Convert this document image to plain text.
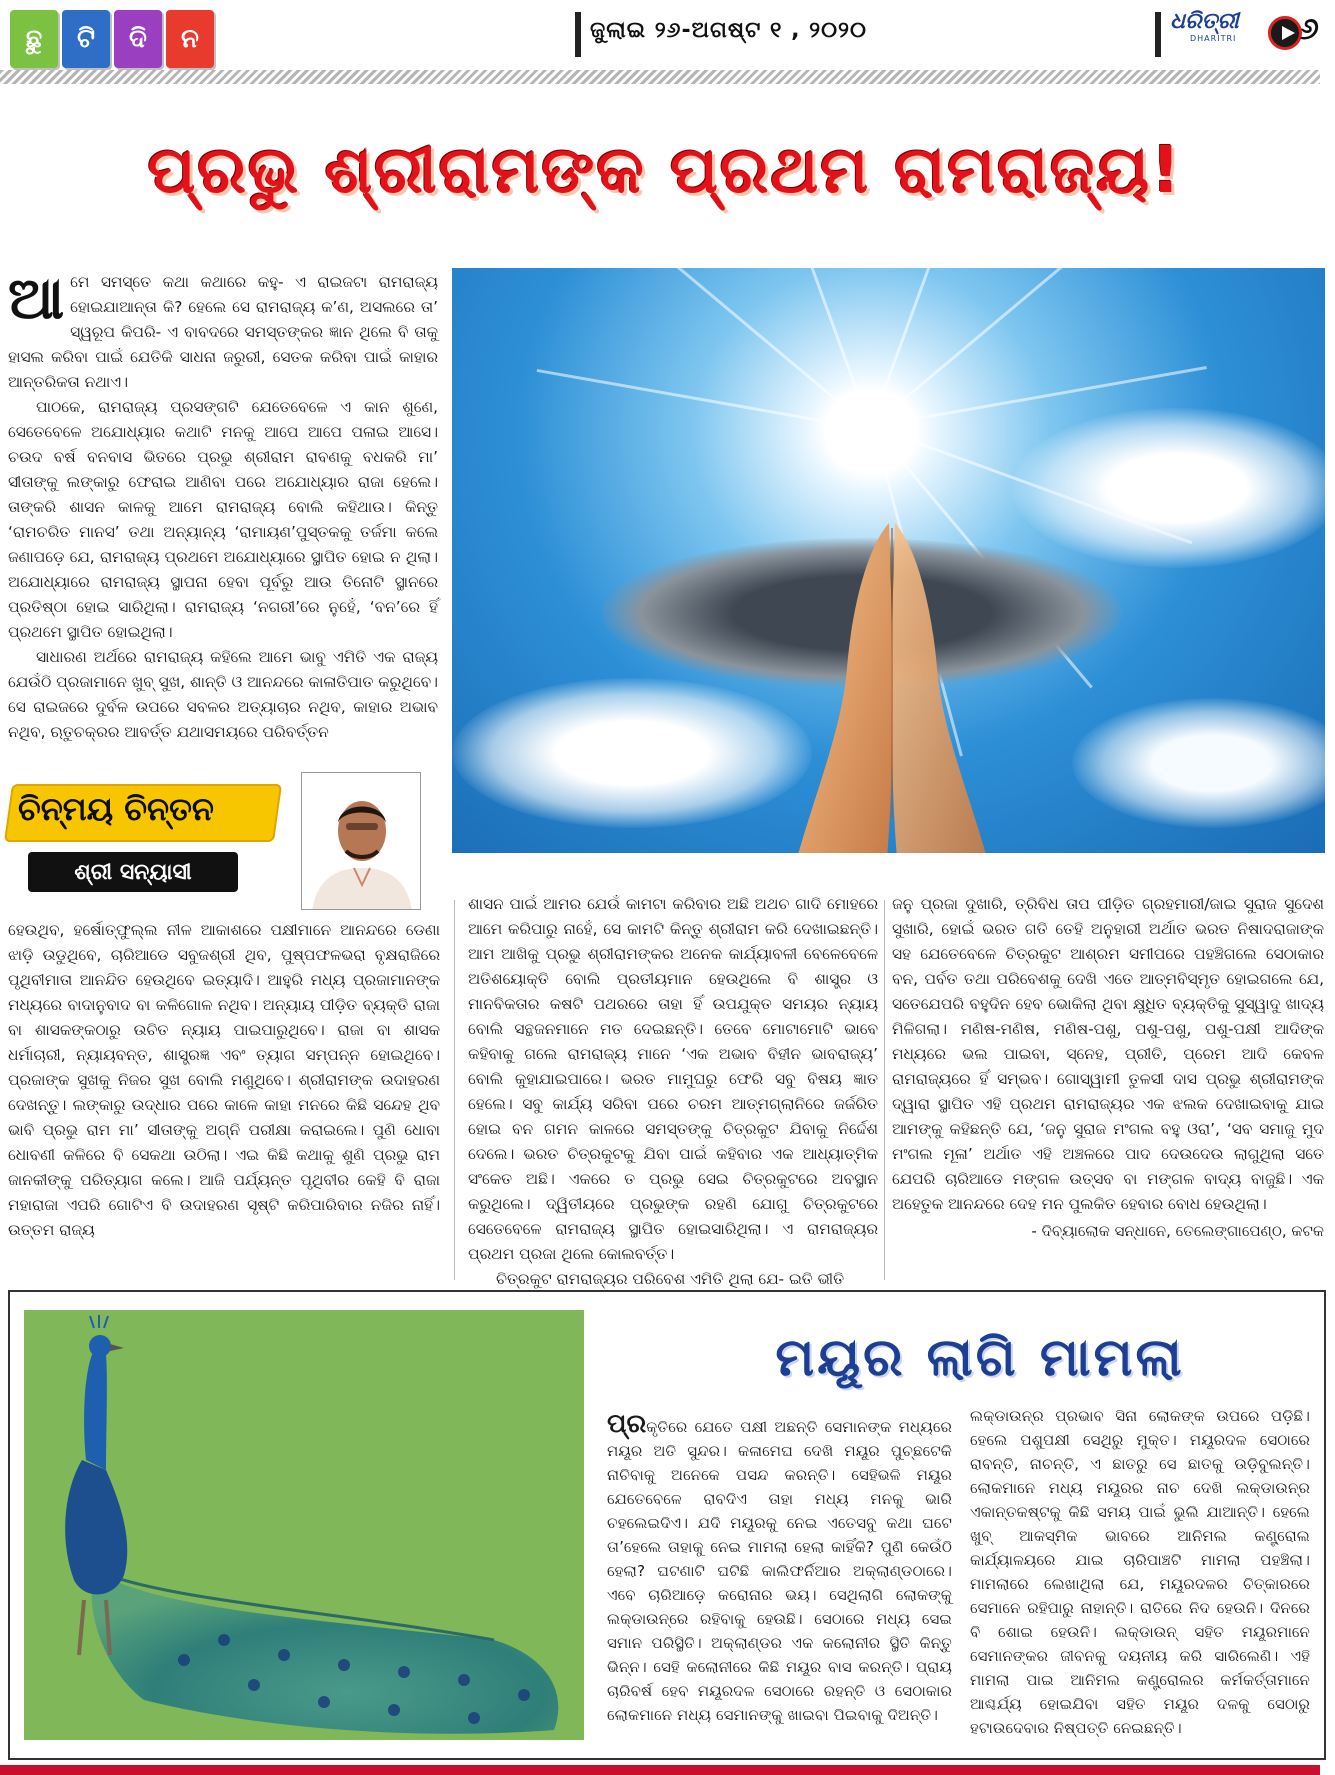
ଛୁ	ଟି	ଦି	ନ	ଜୁଲାଇ ୨୬-ଅଗଷ୍ଟ ୧ , ୨୦୨୦	ଧରିତ୍ରୀ
DHARITRI	୬
ପ୍ରଭୁ ଶ୍ରୀରାମଙ୍କ ପ୍ରଥମ ରାମରାଜ୍ୟ!

ଆମେ ସମସ୍ତେ କଥା କଥାରେ କହୁ- ଏ ରାଇଜଟା ରାମରାଜ୍ୟ ହୋଇଯାଆନ୍ତା କି? ହେଲେ ସେ ରାମରାଜ୍ୟ କ’ଣ, ଅସଲରେ ତା’ ସ୍ୱରୂପ କିପରି- ଏ ବାବଦରେ ସମସ୍ତଙ୍କର ଜ୍ଞାନ ଥିଲେ ବି ତାକୁ ହାସଲ କରିବା ପାଇଁ ଯେତିକି ସାଧନା ଜରୁରୀ, ସେତକ କରିବା ପାଇଁ କାହାର ଆନ୍ତରିକତା ନଥାଏ।

ପାଠକେ, ରାମରାଜ୍ୟ ପ୍ରସଙ୍ଗଟି ଯେତେବେଳେ ଏ କାନ ଶୁଣେ, ସେତେବେଳେ ଅଯୋଧ୍ୟାର କଥାଟି ମନକୁ ଆପେ ଆପେ ପଳାଇ ଆସେ। ଚଉଦ ବର୍ଷ ବନବାସ ଭିତରେ ପ୍ରଭୁ ଶ୍ରୀରାମ ରାବଣକୁ ବଧକରି ମା’ ସୀତାଙ୍କୁ ଲଙ୍କାରୁ ଫେରାଇ ଆଣିବା ପରେ ଅଯୋଧ୍ୟାର ରାଜା ହେଲେ। ତାଙ୍କରି ଶାସନ କାଳକୁ ଆମେ ରାମରାଜ୍ୟ ବୋଲି କହିଥାଉ। କିନ୍ତୁ ‘ରାମଚରିତ ମାନସ’ ତଥା ଅନ୍ୟାନ୍ୟ ‘ରାମାୟଣ’ପୁସ୍ତକକୁ ତର୍ଜମା କଲେ ଜଣାପଡ଼େ ଯେ, ରାମରାଜ୍ୟ ପ୍ରଥମେ ଅଯୋଧ୍ୟାରେ ସ୍ଥାପିତ ହୋଇ ନ ଥିଲା। ଅଯୋଧ୍ୟାରେ ରାମରାଜ୍ୟ ସ୍ଥାପନା ହେବା ପୂର୍ବରୁ ଆଉ ତିନୋଟି ସ୍ଥାନରେ ପ୍ରତିଷ୍ଠା ହୋଇ ସାରିଥିଲା। ରାମରାଜ୍ୟ ‘ନଗରୀ’ରେ ନୁହେଁ, ‘ବନ’ରେ ହିଁ ପ୍ରଥମେ ସ୍ଥାପିତ ହୋଇଥିଲା।

ସାଧାରଣ ଅର୍ଥରେ ରାମରାଜ୍ୟ କହିଲେ ଆମେ ଭାବୁ ଏମିତି ଏକ ରାଜ୍ୟ ଯେଉଁଠି ପ୍ରଜାମାନେ ଖୁବ୍ ସୁଖ, ଶାନ୍ତି ଓ ଆନନ୍ଦରେ କାଳାତିପାତ କରୁଥିବେ। ସେ ରାଇଜରେ ଦୁର୍ବଳ ଉପରେ ସବଳର ଅତ୍ୟାଚାର ନଥିବ, କାହାର ଅଭାବ ନଥିବ, ଋତୁଚକ୍ରର ଆବର୍ତ୍ତ ଯଥାସମୟରେ ପରିବର୍ତ୍ତନ

ଚିନ୍ମୟ ଚିନ୍ତନ
ଶ୍ରୀ ସନ୍ୟାସୀ
ହେଉଥିବ, ହର୍ଷୋତ୍ଫୁଲ୍ଲ ନୀଳ ଆକାଶରେ ପକ୍ଷୀମାନେ ଆନନ୍ଦରେ ଡେଣା ଝାଡ଼ି ଉଡୁଥିବେ, ଚାରିଆଡେ ସବୁଜଶ୍ରୀ ଥିବ, ପୁଷ୍ପଫଳଭରା ବୃକ୍ଷରାଜିରେ ପୃଥିବୀମାତା ଆନନ୍ଦିତ ହେଉଥିବେ ଇତ୍ୟାଦି। ଆହୁରି ମଧ୍ୟ ପ୍ରଜାମାନଙ୍କ ମଧ୍ୟରେ ବାଦାନୁବାଦ ବା କଳିଗୋଳ ନଥିବ। ଅନ୍ୟାୟ ପୀଡ଼ିତ ବ୍ୟକ୍ତି ରାଜା ବା ଶାସକଙ୍କଠାରୁ ଉଚିତ ନ୍ୟାୟ ପାଇପାରୁଥିବେ। ରାଜା ବା ଶାସକ ଧର୍ମାଚାରୀ, ନ୍ୟାୟବନ୍ତ, ଶାସ୍ତ୍ରଜ୍ଞ ଏବଂ ତ୍ୟାଗ ସମ୍ପନ୍ନ ହୋଇଥିବେ। ପ୍ରଜାଙ୍କ ସୁଖକୁ ନିଜର ସୁଖ ବୋଲି ମଣୁଥିବେ। ଶ୍ରୀରାମଙ୍କ ଉଦାହରଣ ଦେଖନ୍ତୁ। ଲଙ୍କାରୁ ଉଦ୍ଧାର ପରେ କାଳେ କାହା ମନରେ କିଛି ସନ୍ଦେହ ଥିବ ଭାବି ପ୍ରଭୁ ରାମ ମା’ ସୀତାଙ୍କୁ ଅଗ୍ନି ପରୀକ୍ଷା କରାଇଲେ। ପୁଣି ଧୋବା ଧୋବଣୀ କଳିରେ ବି ସେକଥା ଉଠିଲା। ଏଇ କିଛି କଥାକୁ ଶୁଣି ପ୍ରଭୁ ରାମ ଜାନକୀଙ୍କୁ ପରିତ୍ୟାଗ କଲେ। ଆଜି ପର୍ଯ୍ୟନ୍ତ ପୃଥିବୀର କେହି ବି ରାଜା ମହାରାଜା ଏପରି ଗୋଟିଏ ବି ଉଦାହରଣ ସୃଷ୍ଟି କରିପାରିବାର ନଜିର ନାହିଁ। ଉତ୍ତମ ରାଜ୍ୟ

ଶାସନ ପାଇଁ ଆମର ଯେଉଁ କାମଟା କରିବାର ଅଛି ଅଥଚ ଗାଦି ମୋହରେ ଆମେ କରିପାରୁ ନାହେଁ, ସେ କାମଟି କିନ୍ତୁ ଶ୍ରୀରାମ କରି ଦେଖାଇଛନ୍ତି। ଆମ ଆଖିକୁ ପ୍ରଭୁ ଶ୍ରୀରାମଙ୍କର ଅନେକ କାର୍ଯ୍ୟାବଳୀ ବେଳେବେଳେ ଅତିଶୟୋକ୍ତି ବୋଲି ପ୍ରତୀୟମାନ ହେଉଥିଲେ ବି ଶାସ୍ତ୍ର ଓ ମାନବିକତାର କଷଟି ପଥରରେ ତାହା ହିଁ ଉପଯୁକ୍ତ ସମୟର ନ୍ୟାୟ ବୋଲି ସନ୍ଥଜନମାନେ ମତ ଦେଇଛନ୍ତି। ତେବେ ମୋଟାମୋଟି ଭାବେ କହିବାକୁ ଗଲେ ରାମରାଜ୍ୟ ମାନେ ‘ଏକ ଅଭାବ ବିହୀନ ଭାବରାଜ୍ୟ’ ବୋଲି କୁହାଯାଇପାରେ। ଭରତ ମାମୁଘରୁ ଫେରି ସବୁ ବିଷୟ ଜ୍ଞାତ ହେଲେ। ସବୁ କାର୍ଯ୍ୟ ସରିବା ପରେ ଚରମ ଆତ୍ମଗ୍ଲାନିରେ ଜର୍ଜରିତ ହୋଇ ବନ ଗମନ କାଳରେ ସମସ୍ତଙ୍କୁ ଚିତ୍ରକୁଟ ଯିବାକୁ ନିର୍ଦ୍ଦେଶ ଦେଲେ। ଭରତ ଚିତ୍ରକୁଟକୁ ଯିବା ପାଇଁ କହିବାର ଏକ ଆଧ୍ୟାତ୍ମିକ ସଂକେତ ଅଛି। ଏକରେ ତ ପ୍ରଭୁ ସେଇ ଚିତ୍ରକୁଟରେ ଅବସ୍ଥାନ କରୁଥିଲେ। ଦ୍ୱିତୀୟରେ ପ୍ରଭୁଙ୍କ ରହଣି ଯୋଗୁ ଚିତ୍ରକୁଟରେ ସେତେବେଳେ ରାମରାଜ୍ୟ ସ୍ଥାପିତ ହୋଇସାରିଥିଲା। ଏ ରାମରାଜ୍ୟର ପ୍ରଥମ ପ୍ରଜା ଥିଲେ କୋଲବର୍ତ୍ତ।

ଚିତ୍ରକୁଟ ରାମରାଜ୍ୟର ପରିବେଶ ଏମିତି ଥିଲା ଯେ- ଇତି ଭୀତି

ଜନୁ ପ୍ରଜା ଦୁଖାରି, ତ୍ରିବିଧ ତାପ ପୀଡ଼ିତ ଗ୍ରହମାରୀ/ଜାଇ ସୁରାଜ ସୁଦେଶ ସୁଖାରି, ହୋଇଁ ଭରତ ଗତି ତେହି ଅନୁହାରୀ ଅର୍ଥାତ ଭରତ ନିଷାଦରାଜାଙ୍କ ସହ ଯେତେବେଳେ ଚିତ୍ରକୁଟ ଆଶ୍ରମ ସମୀପରେ ପହଞ୍ଚିଗଲେ ସେଠାକାର ବନ, ପର୍ବତ ତଥା ପରିବେଶକୁ ଦେଖି ଏତେ ଆତ୍ମବିସ୍ମୃତ ହୋଇଗଲେ ଯେ, ସତେଯେପରି ବହୁଦିନ ହେବ ଭୋକିଲା ଥିବା କ୍ଷୁଧିତ ବ୍ୟକ୍ତିକୁ ସୁସ୍ୱାଦୁ ଖାଦ୍ୟ ମିଳିଗଲା। ମଣିଷ-ମଣିଷ, ମଣିଷ-ପଶୁ, ପଶୁ-ପଶୁ, ପଶୁ-ପକ୍ଷୀ ଆଦିଙ୍କ ମଧ୍ୟରେ ଭଲ ପାଇବା, ସ୍ନେହ, ପ୍ରୀତି, ପ୍ରେମ ଆଦି କେବଳ ରାମରାଜ୍ୟରେ ହିଁ ସମ୍ଭବ। ଗୋସ୍ୱାମୀ ତୁଳସୀ ଦାସ ପ୍ରଭୁ ଶ୍ରୀରାମଙ୍କ ଦ୍ୱାରା ସ୍ଥାପିତ ଏହି ପ୍ରଥମ ରାମରାଜ୍ୟର ଏକ ଝଲକ ଦେଖାଇବାକୁ ଯାଇ ଆମଙ୍କୁ କହିଛନ୍ତି ଯେ, ‘ଜନୁ ସୁରାଜ ମଂଗଲ ବହୁ ଓରା’, ‘ସବ ସମାଜୁ ମୁଦ ମଂଗଲ ମୂଳା’ ଅର୍ଥାତ ଏହି ଅଞ୍ଚଳରେ ପାଦ ଦେଉଦେଉ ଲାଗୁଥିଲା ସତେ ଯେପରି ଚାରିଆଡେ ମଙ୍ଗଳ ଉତ୍ସବ ବା ମଙ୍ଗଳ ବାଦ୍ୟ ବାଜୁଛି। ଏକ ଅହେତୁକ ଆନନ୍ଦରେ ଦେହ ମନ ପୁଲକିତ ହେବାର ବୋଧ ହେଉଥିଲା।

- ଦିବ୍ୟାଲୋକ ସନ୍ଧାନେ, ତେଲେଙ୍ଗାପେଣ୍ଠ, କଟକ

ମୟୂର ଲାଗି ମାମଲା
ପ୍ରକୃତିରେ ଯେତେ ପକ୍ଷୀ ଅଛନ୍ତି ସେମାନଙ୍କ ମଧ୍ୟରେ ମୟୂର ଅତି ସୁନ୍ଦର। କଳାମେଘ ଦେଖି ମୟୂର ପୁଚ୍ଛଟେକି ନାଚିବାକୁ ଅନେକେ ପସନ୍ଦ କରନ୍ତି। ସେହିଭଳି ମୟୂର ଯେତେବେଳେ ରାବଦିଏ ତାହା ମଧ୍ୟ ମନକୁ ଭାରି ଚହଲେଇଦିଏ। ଯଦି ମୟୂରକୁ ନେଇ ଏତେସବୁ କଥା ଘଟେ ତା’ହେଲେ ତାହାକୁ ନେଇ ମାମଲା ହେଲା କାହିଁକି? ପୁଣି କେଉଁଠି ହେଲା? ଘଟଣାଟି ଘଟିଛି କାଲିଫର୍ନିଆର ଅକ୍ଲାଣ୍ଡଠାରେ। ଏବେ ଚାରିଆଡ଼େ କରୋନାର ଭୟ। ସେଥିଲାଗି ଲୋକଙ୍କୁ ଲକ୍‌ଡାଉନ୍‌ରେ ରହିବାକୁ ହେଉଛି। ସେଠାରେ ମଧ୍ୟ ସେଇ ସମାନ ପରିସ୍ଥିତି। ଅକ୍ଲାଣ୍ଡର ଏକ କଲୋନୀର ସ୍ଥିତି କିନ୍ତୁ ଭିନ୍ନ। ସେହି କଲୋନୀରେ କିଛି ମୟୂର ବାସ କରନ୍ତି। ପ୍ରାୟ ଚାରିବର୍ଷ ହେବ ମୟୂରଦଳ ସେଠାରେ ରହନ୍ତି ଓ ସେଠାକାର ଲୋକମାନେ ମଧ୍ୟ ସେମାନଙ୍କୁ ଖାଇବା ପିଇବାକୁ ଦିଅନ୍ତି।
ଲକ୍‌ଡାଉନ୍‌ର ପ୍ରଭାବ ସିନା ଲୋକଙ୍କ ଉପରେ ପଡ଼ିଛି। ହେଲେ ପଶୁପକ୍ଷୀ ସେଥିରୁ ମୁକ୍ତ। ମୟୂରଦଳ ସେଠାରେ ରାବନ୍ତି, ନାଚନ୍ତି, ଏ ଛାତରୁ ସେ ଛାତକୁ ଉଡ଼ିବୁଲନ୍ତି। ଲୋକମାନେ ମଧ୍ୟ ମୟୂରର ନାଚ ଦେଖି ଲକ୍‌ଡାଉନ୍‌ର ଏକାନ୍ତକଷ୍ଟକୁ କିଛି ସମୟ ପାଇଁ ଭୁଲି ଯାଆନ୍ତି। ହେଲେ ଖୁବ୍ ଆକସ୍ମିକ ଭାବରେ ଆନିମଲ କଣ୍ଟ୍ରୋଲ କାର୍ଯ୍ୟାଳୟରେ ଯାଇ ଚାରିପାଞ୍ଚଟି ମାମଲା ପହଞ୍ଚିଲା। ମାମଲାରେ ଲେଖାଥିଲା ଯେ, ମୟୂରଦଳର ଚିତ୍କାରରେ ସେମାନେ ରହିପାରୁ ନାହାନ୍ତି। ରାତିରେ ନିଦ ହେଉନି। ଦିନରେ ବି ଶୋଇ ହେଉନି। ଲକ୍‌ଡାଉନ୍ ସହିତ ମୟୂରମାନେ ସେମାନଙ୍କର ଜୀବନକୁ ଦୟନୀୟ କରି ସାରିଲେଣି। ଏହି ମାମଲା ପାଇ ଆନିମଲ କଣ୍ଟ୍ରୋଲର କର୍ମକର୍ତ୍ତାମାନେ ଆଶ୍ଚର୍ଯ୍ୟ ହୋଇଯିବା ସହିତ ମୟୂର ଦଳକୁ ସେଠାରୁ ହଟାଉଦେବାର ନିଷ୍ପତ୍ତି ନେଇଛନ୍ତି।
